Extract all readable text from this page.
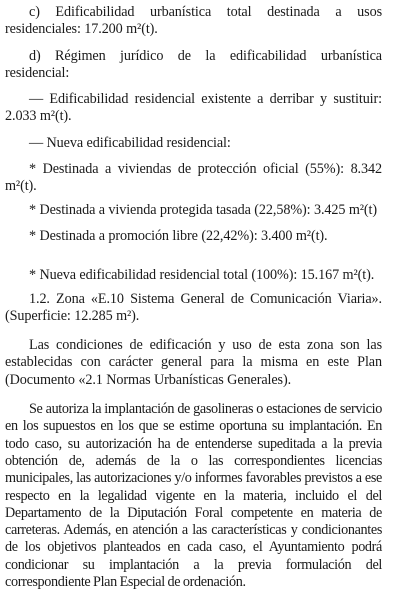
c) Edificabilidad urbanística total destinada a usos residenciales: 17.200 m²(t).

d) Régimen jurídico de la edificabilidad urbanística residencial:

— Edificabilidad residencial existente a derribar y sustituir: 2.033 m²(t).

— Nueva edificabilidad residencial:

* Destinada a viviendas de protección oficial (55%): 8.342 m²(t).

* Destinada a vivienda protegida tasada (22,58%): 3.425 m²(t)

* Destinada a promoción libre (22,42%): 3.400 m²(t).

* Nueva edificabilidad residencial total (100%): 15.167 m²(t).

1.2. Zona «E.10 Sistema General de Comunicación Viaria». (Superficie: 12.285 m²).

Las condiciones de edificación y uso de esta zona son las establecidas con carácter general para la misma en este Plan (Documento «2.1 Normas Urbanísticas Generales).

Se autoriza la implantación de gasolineras o estaciones de servicio en los supuestos en los que se estime oportuna su implantación. En todo caso, su autorización ha de entenderse supeditada a la previa obtención de, además de la o las correspondientes licencias municipales, las autorizaciones y/o informes favorables previstos a ese respecto en la legalidad vigente en la materia, incluido el del Departamento de la Diputación Foral competente en materia de carreteras. Además, en atención a las características y condicionantes de los objetivos planteados en cada caso, el Ayuntamiento podrá condicionar su implantación a la previa formulación del correspondiente Plan Especial de ordenación.
